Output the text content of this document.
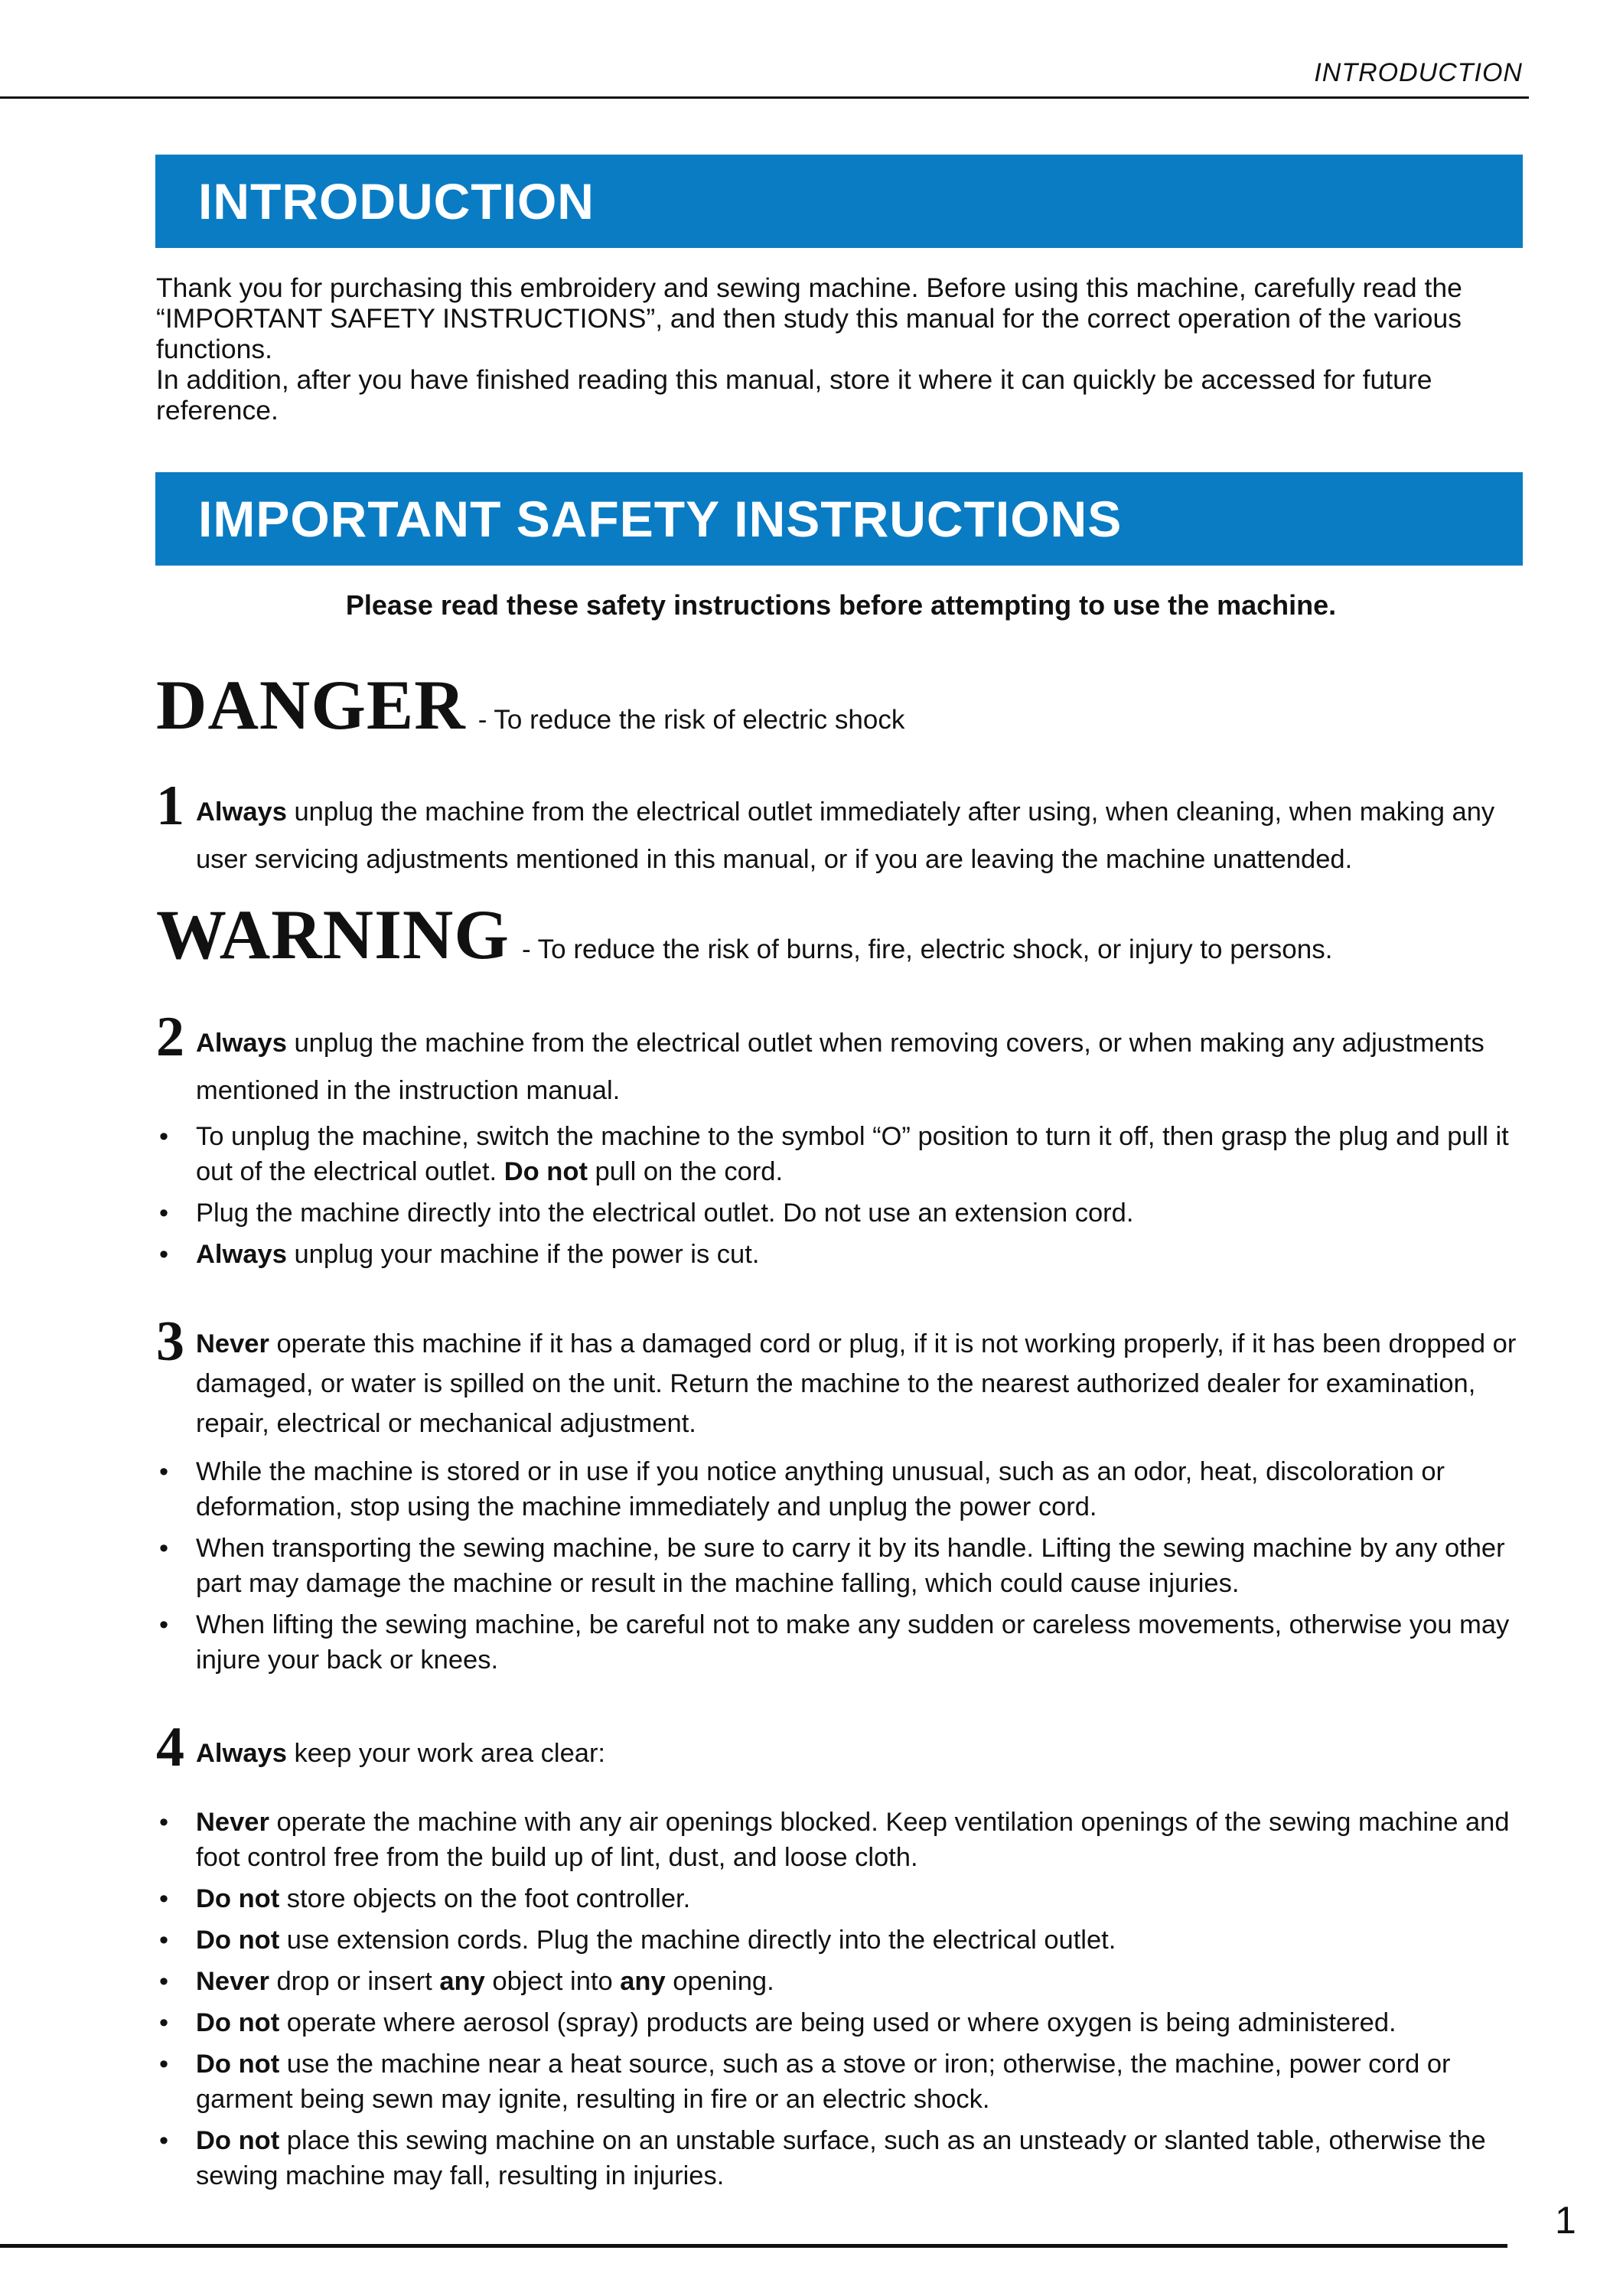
INTRODUCTION
INTRODUCTION

Thank you for purchasing this embroidery and sewing machine. Before using this machine, carefully read the “IMPORTANT SAFETY INSTRUCTIONS”, and then study this manual for the correct operation of the various functions.

In addition, after you have finished reading this manual, store it where it can quickly be accessed for future reference.

IMPORTANT SAFETY INSTRUCTIONS
Please read these safety instructions before attempting to use the machine.
DANGER - To reduce the risk of electric shock
1 Always unplug the machine from the electrical outlet immediately after using, when cleaning, when making any user servicing adjustments mentioned in this manual, or if you are leaving the machine unattended.
WARNING - To reduce the risk of burns, fire, electric shock, or injury to persons.
2 Always unplug the machine from the electrical outlet when removing covers, or when making any adjustments mentioned in the instruction manual.
• To unplug the machine, switch the machine to the symbol “O” position to turn it off, then grasp the plug and pull it out of the electrical outlet. Do not pull on the cord.
• Plug the machine directly into the electrical outlet. Do not use an extension cord.
• Always unplug your machine if the power is cut.
3 Never operate this machine if it has a damaged cord or plug, if it is not working properly, if it has been dropped or damaged, or water is spilled on the unit. Return the machine to the nearest authorized dealer for examination, repair, electrical or mechanical adjustment.
• While the machine is stored or in use if you notice anything unusual, such as an odor, heat, discoloration or deformation, stop using the machine immediately and unplug the power cord.
• When transporting the sewing machine, be sure to carry it by its handle. Lifting the sewing machine by any other part may damage the machine or result in the machine falling, which could cause injuries.
• When lifting the sewing machine, be careful not to make any sudden or careless movements, otherwise you may injure your back or knees.
4 Always keep your work area clear:
• Never operate the machine with any air openings blocked. Keep ventilation openings of the sewing machine and foot control free from the build up of lint, dust, and loose cloth.
• Do not store objects on the foot controller.
• Do not use extension cords. Plug the machine directly into the electrical outlet.
• Never drop or insert any object into any opening.
• Do not operate where aerosol (spray) products are being used or where oxygen is being administered.
• Do not use the machine near a heat source, such as a stove or iron; otherwise, the machine, power cord or garment being sewn may ignite, resulting in fire or an electric shock.
• Do not place this sewing machine on an unstable surface, such as an unsteady or slanted table, otherwise the sewing machine may fall, resulting in injuries.
1
